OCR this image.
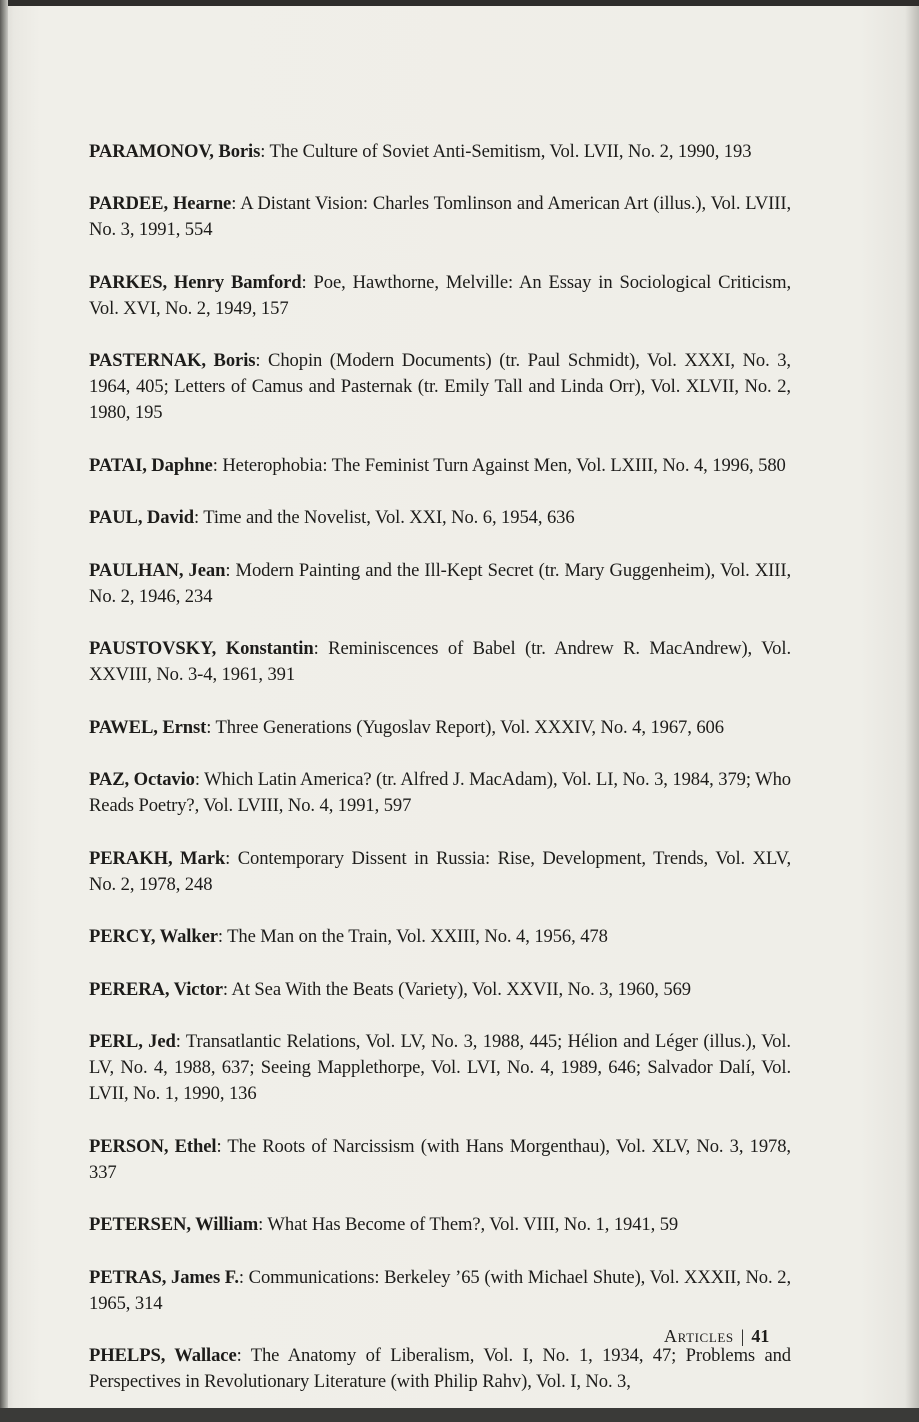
PARAMONOV, Boris: The Culture of Soviet Anti-Semitism, Vol. LVII, No. 2, 1990, 193

PARDEE, Hearne: A Distant Vision: Charles Tomlinson and American Art (illus.), Vol. LVIII, No. 3, 1991, 554

PARKES, Henry Bamford: Poe, Hawthorne, Melville: An Essay in Sociological Criticism, Vol. XVI, No. 2, 1949, 157

PASTERNAK, Boris: Chopin (Modern Documents) (tr. Paul Schmidt), Vol. XXXI, No. 3, 1964, 405; Letters of Camus and Pasternak (tr. Emily Tall and Linda Orr), Vol. XLVII, No. 2, 1980, 195

PATAI, Daphne: Heterophobia: The Feminist Turn Against Men, Vol. LXIII, No. 4, 1996, 580

PAUL, David: Time and the Novelist, Vol. XXI, No. 6, 1954, 636

PAULHAN, Jean: Modern Painting and the Ill-Kept Secret (tr. Mary Guggenheim), Vol. XIII, No. 2, 1946, 234

PAUSTOVSKY, Konstantin: Reminiscences of Babel (tr. Andrew R. MacAndrew), Vol. XXVIII, No. 3-4, 1961, 391

PAWEL, Ernst: Three Generations (Yugoslav Report), Vol. XXXIV, No. 4, 1967, 606

PAZ, Octavio: Which Latin America? (tr. Alfred J. MacAdam), Vol. LI, No. 3, 1984, 379; Who Reads Poetry?, Vol. LVIII, No. 4, 1991, 597

PERAKH, Mark: Contemporary Dissent in Russia: Rise, Development, Trends, Vol. XLV, No. 2, 1978, 248

PERCY, Walker: The Man on the Train, Vol. XXIII, No. 4, 1956, 478

PERERA, Victor: At Sea With the Beats (Variety), Vol. XXVII, No. 3, 1960, 569

PERL, Jed: Transatlantic Relations, Vol. LV, No. 3, 1988, 445; Hélion and Léger (illus.), Vol. LV, No. 4, 1988, 637; Seeing Mapplethorpe, Vol. LVI, No. 4, 1989, 646; Salvador Dalí, Vol. LVII, No. 1, 1990, 136

PERSON, Ethel: The Roots of Narcissism (with Hans Morgenthau), Vol. XLV, No. 3, 1978, 337

PETERSEN, William: What Has Become of Them?, Vol. VIII, No. 1, 1941, 59

PETRAS, James F.: Communications: Berkeley ’65 (with Michael Shute), Vol. XXXII, No. 2, 1965, 314

PHELPS, Wallace: The Anatomy of Liberalism, Vol. I, No. 1, 1934, 47; Problems and Perspectives in Revolutionary Literature (with Philip Rahv), Vol. I, No. 3,

Articles | 41
